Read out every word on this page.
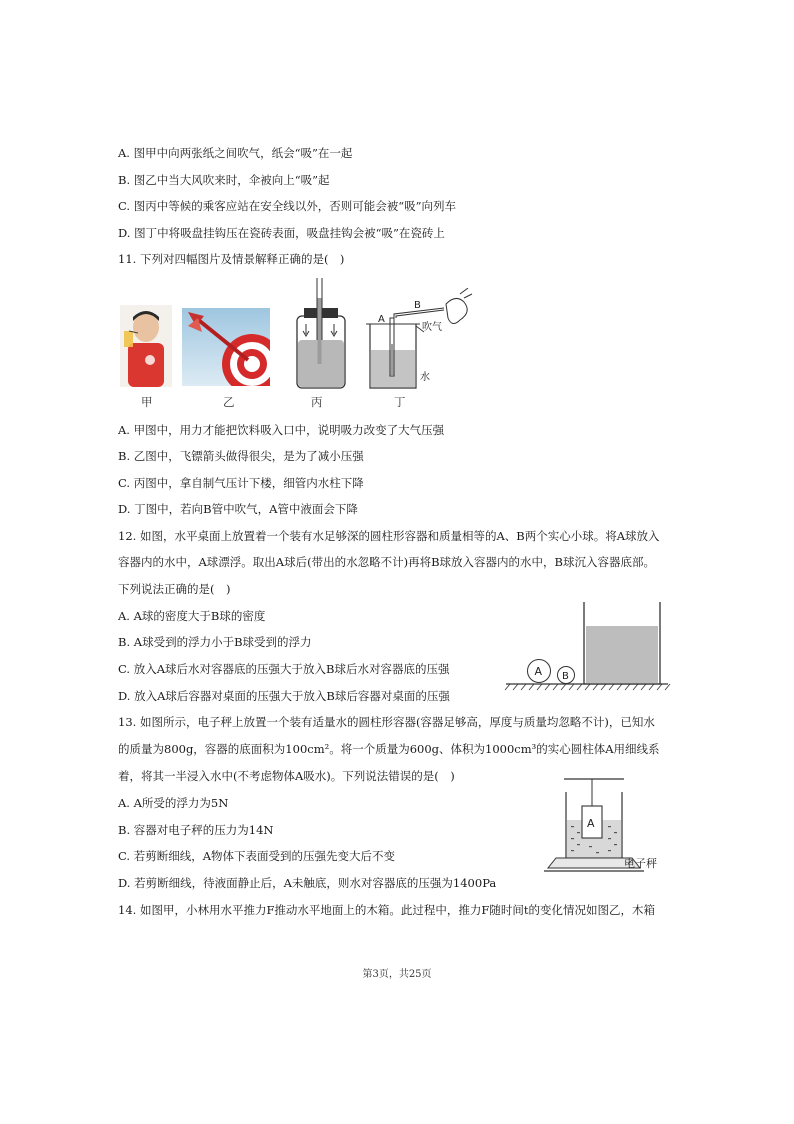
A. 图甲中向两张纸之间吹气，纸会“吸”在一起
B. 图乙中当大风吹来时，伞被向上“吸”起
C. 图丙中等候的乘客应站在安全线以外，否则可能会被“吸”向列车
D. 图丁中将吸盘挂钩压在瓷砖表面，吸盘挂钩会被“吸”在瓷砖上
11. 下列对四幅图片及情景解释正确的是(　)
甲	乙	丙
A
B
吹气
水
丁
A. 甲图中，用力才能把饮料吸入口中，说明吸力改变了大气压强
B. 乙图中，飞镖箭头做得很尖，是为了减小压强
C. 丙图中，拿自制气压计下楼，细管内水柱下降
D. 丁图中，若向B管中吹气，A管中液面会下降
12. 如图，水平桌面上放置着一个装有水足够深的圆柱形容器和质量相等的A、B两个实心小球。将A球放入
容器内的水中，A球漂浮。取出A球后(带出的水忽略不计)再将B球放入容器内的水中，B球沉入容器底部。
下列说法正确的是(　)
A. A球的密度大于B球的密度
B. A球受到的浮力小于B球受到的浮力
C. 放入A球后水对容器底的压强大于放入B球后水对容器底的压强
D. 放入A球后容器对桌面的压强大于放入B球后容器对桌面的压强
A B
13. 如图所示，电子秤上放置一个装有适量水的圆柱形容器(容器足够高，厚度与质量均忽略不计)，已知水
的质量为800g，容器的底面积为100cm²。将一个质量为600g、体积为1000cm³的实心圆柱体A用细线系
着，将其一半浸入水中(不考虑物体A吸水)。下列说法错误的是(　)
A. A所受的浮力为5N
B. 容器对电子秤的压力为14N
C. 若剪断细线，A物体下表面受到的压强先变大后不变
D. 若剪断细线，待液面静止后，A未触底，则水对容器底的压强为1400Pa
A
电子秤
14. 如图甲，小林用水平推力F推动水平地面上的木箱。此过程中，推力F随时间t的变化情况如图乙，木箱
第3页，共25页
